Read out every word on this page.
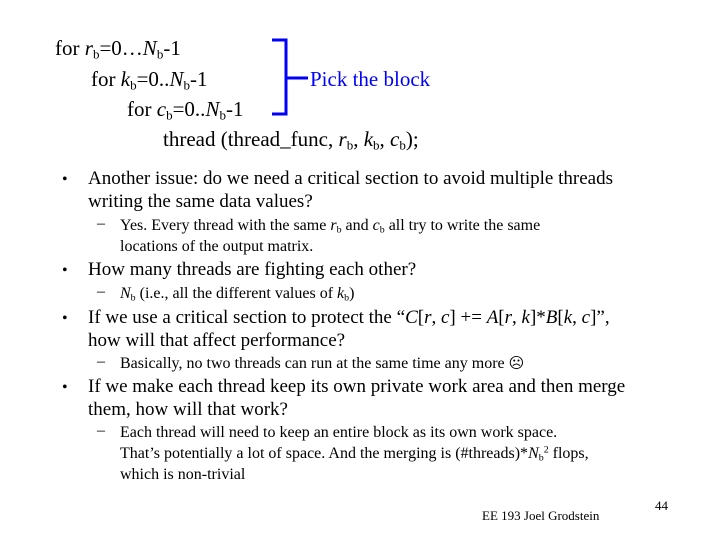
for $r_b=0\dots N_b-1$
for $k_b=0..N_b-1$
for $c_b=0..N_b-1$
thread (thread_func, $r_b$, $k_b$, $c_b$);
Pick the block
• Another issue: do we need a critical section to avoid multiple threads
writing the same data values?
– Yes. Every thread with the same $r_b$ and $c_b$ all try to write the same
locations of the output matrix.
• How many threads are fighting each other?
– $N_b$ (i.e., all the different values of $k_b$)
• If we use a critical section to protect the “C[r, c] += A[r, k]*B[k, c]”,
how will that affect performance?
– Basically, no two threads can run at the same time any more ☹
• If we make each thread keep its own private work area and then merge
them, how will that work?
– Each thread will need to keep an entire block as its own work space.
That’s potentially a lot of space. And the merging is $(\#threads)*N_b^2$ flops,
which is non-trivial
EE 193 Joel Grodstein
44
